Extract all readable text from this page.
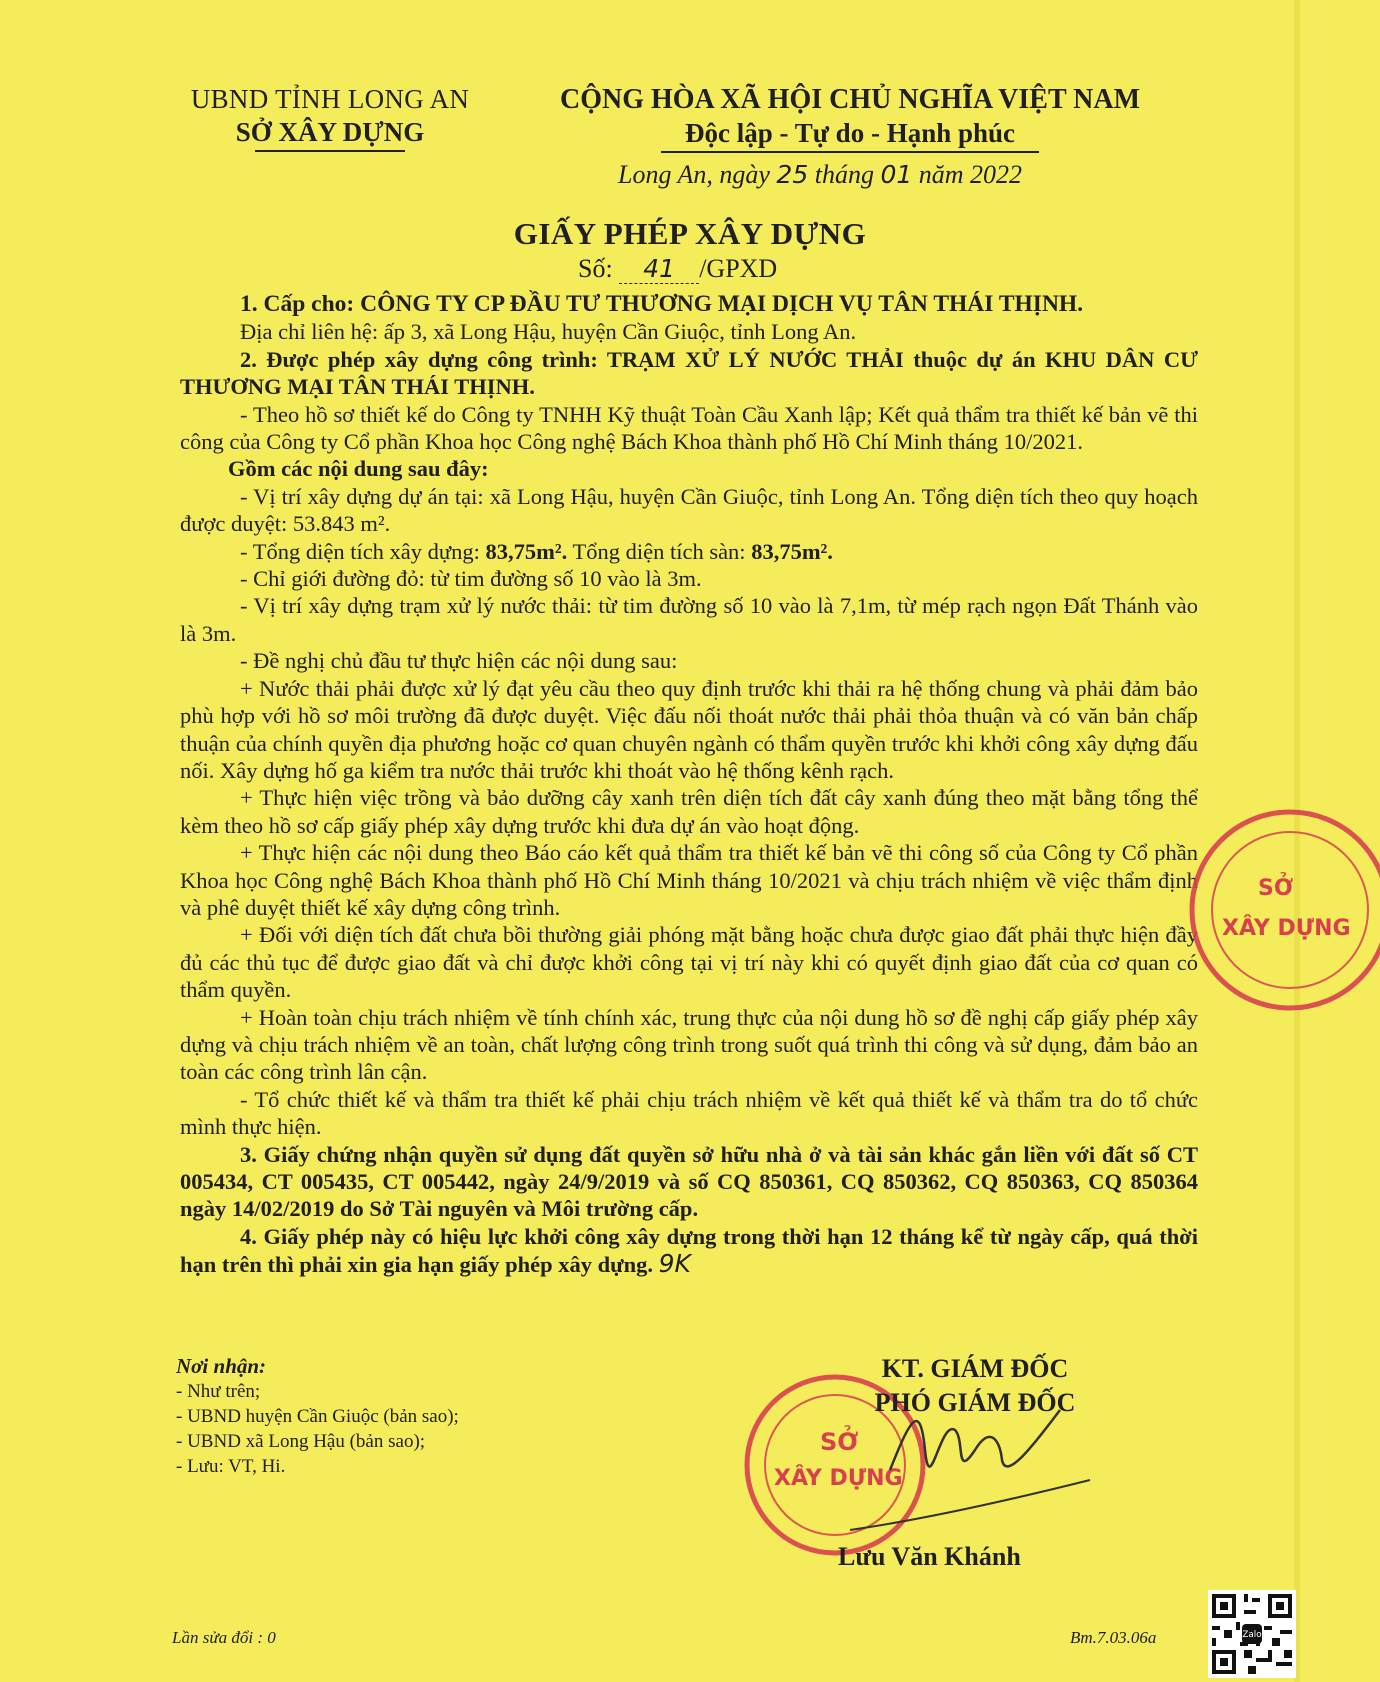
UBND TỈNH LONG AN
SỞ XÂY DỰNG
CỘNG HÒA XÃ HỘI CHỦ NGHĨA VIỆT NAM
Độc lập - Tự do - Hạnh phúc
Long An, ngày 25 tháng 01 năm 2022
GIẤY PHÉP XÂY DỰNG
Số: 41 /GPXD

1. Cấp cho: CÔNG TY CP ĐẦU TƯ THƯƠNG MẠI DỊCH VỤ TÂN THÁI THỊNH.

Địa chỉ liên hệ: ấp 3, xã Long Hậu, huyện Cần Giuộc, tỉnh Long An.

2. Được phép xây dựng công trình: TRẠM XỬ LÝ NƯỚC THẢI thuộc dự án KHU DÂN CƯ THƯƠNG MẠI TÂN THÁI THỊNH.

- Theo hồ sơ thiết kế do Công ty TNHH Kỹ thuật Toàn Cầu Xanh lập; Kết quả thẩm tra thiết kế bản vẽ thi công của Công ty Cổ phần Khoa học Công nghệ Bách Khoa thành phố Hồ Chí Minh tháng 10/2021.

Gồm các nội dung sau đây:

- Vị trí xây dựng dự án tại: xã Long Hậu, huyện Cần Giuộc, tỉnh Long An. Tổng diện tích theo quy hoạch được duyệt: 53.843 m².

- Tổng diện tích xây dựng: 83,75m². Tổng diện tích sàn: 83,75m².

- Chỉ giới đường đỏ: từ tim đường số 10 vào là 3m.

- Vị trí xây dựng trạm xử lý nước thải: từ tim đường số 10 vào là 7,1m, từ mép rạch ngọn Đất Thánh vào là 3m.

- Đề nghị chủ đầu tư thực hiện các nội dung sau:

+ Nước thải phải được xử lý đạt yêu cầu theo quy định trước khi thải ra hệ thống chung và phải đảm bảo phù hợp với hồ sơ môi trường đã được duyệt. Việc đấu nối thoát nước thải phải thỏa thuận và có văn bản chấp thuận của chính quyền địa phương hoặc cơ quan chuyên ngành có thẩm quyền trước khi khởi công xây dựng đấu nối. Xây dựng hố ga kiểm tra nước thải trước khi thoát vào hệ thống kênh rạch.

+ Thực hiện việc trồng và bảo dưỡng cây xanh trên diện tích đất cây xanh đúng theo mặt bằng tổng thể kèm theo hồ sơ cấp giấy phép xây dựng trước khi đưa dự án vào hoạt động.

+ Thực hiện các nội dung theo Báo cáo kết quả thẩm tra thiết kế bản vẽ thi công số của Công ty Cổ phần Khoa học Công nghệ Bách Khoa thành phố Hồ Chí Minh tháng 10/2021 và chịu trách nhiệm về việc thẩm định và phê duyệt thiết kế xây dựng công trình.

+ Đối với diện tích đất chưa bồi thường giải phóng mặt bằng hoặc chưa được giao đất phải thực hiện đầy đủ các thủ tục để được giao đất và chỉ được khởi công tại vị trí này khi có quyết định giao đất của cơ quan có thẩm quyền.

+ Hoàn toàn chịu trách nhiệm về tính chính xác, trung thực của nội dung hồ sơ đề nghị cấp giấy phép xây dựng và chịu trách nhiệm về an toàn, chất lượng công trình trong suốt quá trình thi công và sử dụng, đảm bảo an toàn các công trình lân cận.

- Tổ chức thiết kế và thẩm tra thiết kế phải chịu trách nhiệm về kết quả thiết kế và thẩm tra do tổ chức mình thực hiện.

3. Giấy chứng nhận quyền sử dụng đất quyền sở hữu nhà ở và tài sản khác gắn liền với đất số CT 005434, CT 005435, CT 005442, ngày 24/9/2019 và số CQ 850361, CQ 850362, CQ 850363, CQ 850364 ngày 14/02/2019 do Sở Tài nguyên và Môi trường cấp.

4. Giấy phép này có hiệu lực khởi công xây dựng trong thời hạn 12 tháng kể từ ngày cấp, quá thời hạn trên thì phải xin gia hạn giấy phép xây dựng. 9K

Nơi nhận:
- Như trên;
- UBND huyện Cần Giuộc (bản sao);
- UBND xã Long Hậu (bản sao);
- Lưu: VT, Hi.
SỞ
XÂY DỰNG
SỞ
XÂY DỰNG
KT. GIÁM ĐỐC
PHÓ GIÁM ĐỐC
Lưu Văn Khánh
Lần sửa đổi : 0	Bm.7.03.06a	Zalo
